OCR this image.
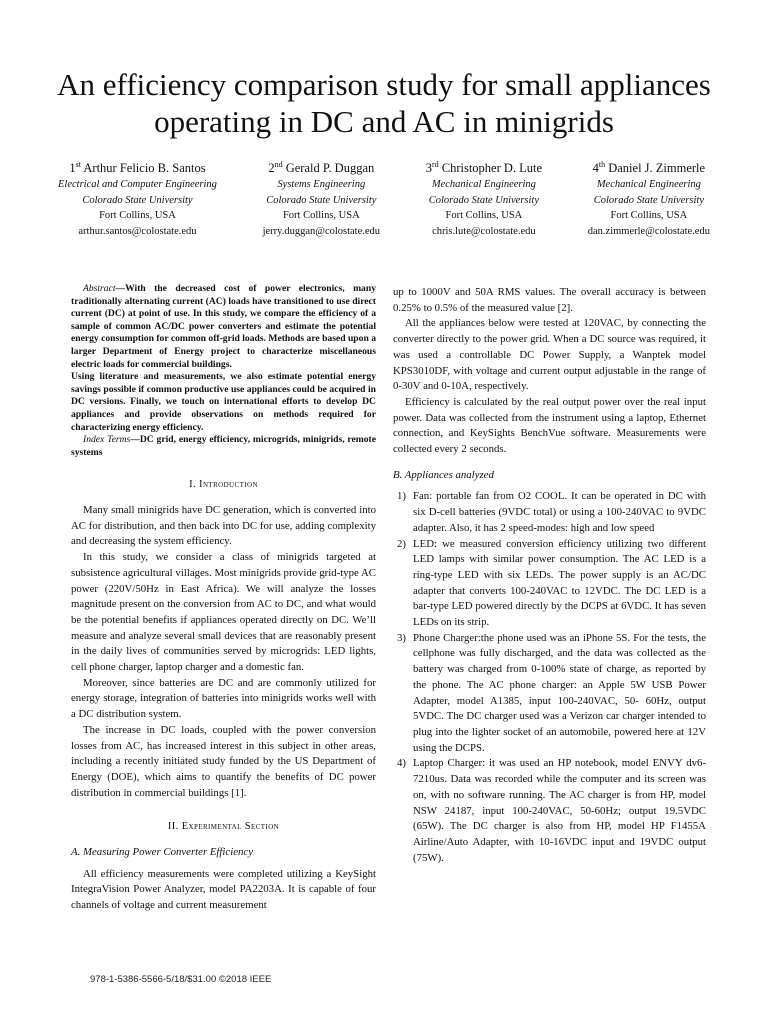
An efficiency comparison study for small appliances operating in DC and AC in minigrids
1st Arthur Felicio B. Santos
Electrical and Computer Engineering
Colorado State University
Fort Collins, USA
arthur.santos@colostate.edu
2nd Gerald P. Duggan
Systems Engineering
Colorado State University
Fort Collins, USA
jerry.duggan@colostate.edu
3rd Christopher D. Lute
Mechanical Engineering
Colorado State University
Fort Collins, USA
chris.lute@colostate.edu
4th Daniel J. Zimmerle
Mechanical Engineering
Colorado State University
Fort Collins, USA
dan.zimmerle@colostate.edu

Abstract—With the decreased cost of power electronics, many traditionally alternating current (AC) loads have transitioned to use direct current (DC) at point of use. In this study, we compare the efficiency of a sample of common AC/DC power converters and estimate the potential energy consumption for common off-grid loads. Methods are based upon a larger Department of Energy project to characterize miscellaneous electric loads for commercial buildings.

Using literature and measurements, we also estimate potential energy savings possible if common productive use appliances could be acquired in DC versions. Finally, we touch on international efforts to develop DC appliances and provide observations on methods required for characterizing energy efficiency.

Index Terms—DC grid, energy efficiency, microgrids, minigrids, remote systems

I. Introduction

Many small minigrids have DC generation, which is converted into AC for distribution, and then back into DC for use, adding complexity and decreasing the system efficiency.

In this study, we consider a class of minigrids targeted at subsistence agricultural villages. Most minigrids provide grid-type AC power (220V/50Hz in East Africa). We will analyze the losses magnitude present on the conversion from AC to DC, and what would be the potential benefits if appliances operated directly on DC. We’ll measure and analyze several small devices that are reasonably present in the daily lives of communities served by microgrids: LED lights, cell phone charger, laptop charger and a domestic fan.

Moreover, since batteries are DC and are commonly utilized for energy storage, integration of batteries into minigrids works well with a DC distribution system.

The increase in DC loads, coupled with the power conversion losses from AC, has increased interest in this subject in other areas, including a recently initiated study funded by the US Department of Energy (DOE), which aims to quantify the benefits of DC power distribution in commercial buildings [1].

II. Experimental Section
A. Measuring Power Converter Efficiency

All efficiency measurements were completed utilizing a KeySight IntegraVision Power Analyzer, model PA2203A. It is capable of four channels of voltage and current measurement

up to 1000V and 50A RMS values. The overall accuracy is between 0.25% to 0.5% of the measured value [2].

All the appliances below were tested at 120VAC, by connecting the converter directly to the power grid. When a DC source was required, it was used a controllable DC Power Supply, a Wanptek model KPS3010DF, with voltage and current output adjustable in the range of 0-30V and 0-10A, respectively.

Efficiency is calculated by the real output power over the real input power. Data was collected from the instrument using a laptop, Ethernet connection, and KeySights BenchVue software. Measurements were collected every 2 seconds.

B. Appliances analyzed
1) Fan: portable fan from O2 COOL. It can be operated in DC with six D-cell batteries (9VDC total) or using a 100-240VAC to 9VDC adapter. Also, it has 2 speed-modes: high and low speed
2) LED: we measured conversion efficiency utilizing two different LED lamps with similar power consumption. The AC LED is a ring-type LED with six LEDs. The power supply is an AC/DC adapter that converts 100-240VAC to 12VDC. The DC LED is a bar-type LED powered directly by the DCPS at 6VDC. It has seven LEDs on its strip.
3) Phone Charger:the phone used was an iPhone 5S. For the tests, the cellphone was fully discharged, and the data was collected as the battery was charged from 0-100% state of charge, as reported by the phone. The AC phone charger: an Apple 5W USB Power Adapter, model A1385, input 100-240VAC, 50- 60Hz, output 5VDC. The DC charger used was a Verizon car charger intended to plug into the lighter socket of an automobile, powered here at 12V using the DCPS.
4) Laptop Charger: it was used an HP notebook, model ENVY dv6-7210us. Data was recorded while the computer and its screen was on, with no software running. The AC charger is from HP, model NSW 24187, input 100-240VAC, 50-60Hz; output 19.5VDC (65W). The DC charger is also from HP, model HP F1455A Airline/Auto Adapter, with 10-16VDC input and 19VDC output (75W).
978-1-5386-5566-5/18/$31.00 ©2018 IEEE
